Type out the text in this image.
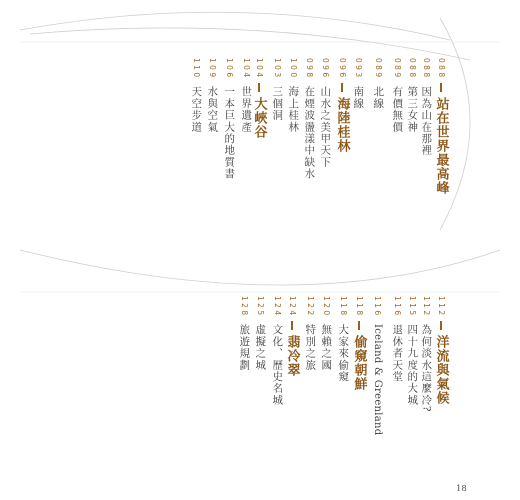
088
站在世界最高峰
088
因為山在那裡
088
第三女神
089
有價無價
089
北線
093
南線
096
海陸桂林
096
山水之美甲天下
098
在煙波盪漾中缺水
100
海上桂林
103
三個洞
104
大峽谷
104
世界遺產
106
一本巨大的地質書
109
水與空氣
110
天空步道
112
洋流與氣候
112
為何淡水這麼冷?
115
四十九度的大城
116
退休者天堂
116
Iceland & Greenland
118
偷窺朝鮮
118
大家來偷窺
120
無賴之國
122
特別之旅
124
翡冷翠
124
文化、歷史名城
125
虛擬之城
128
旅遊規劃
18
